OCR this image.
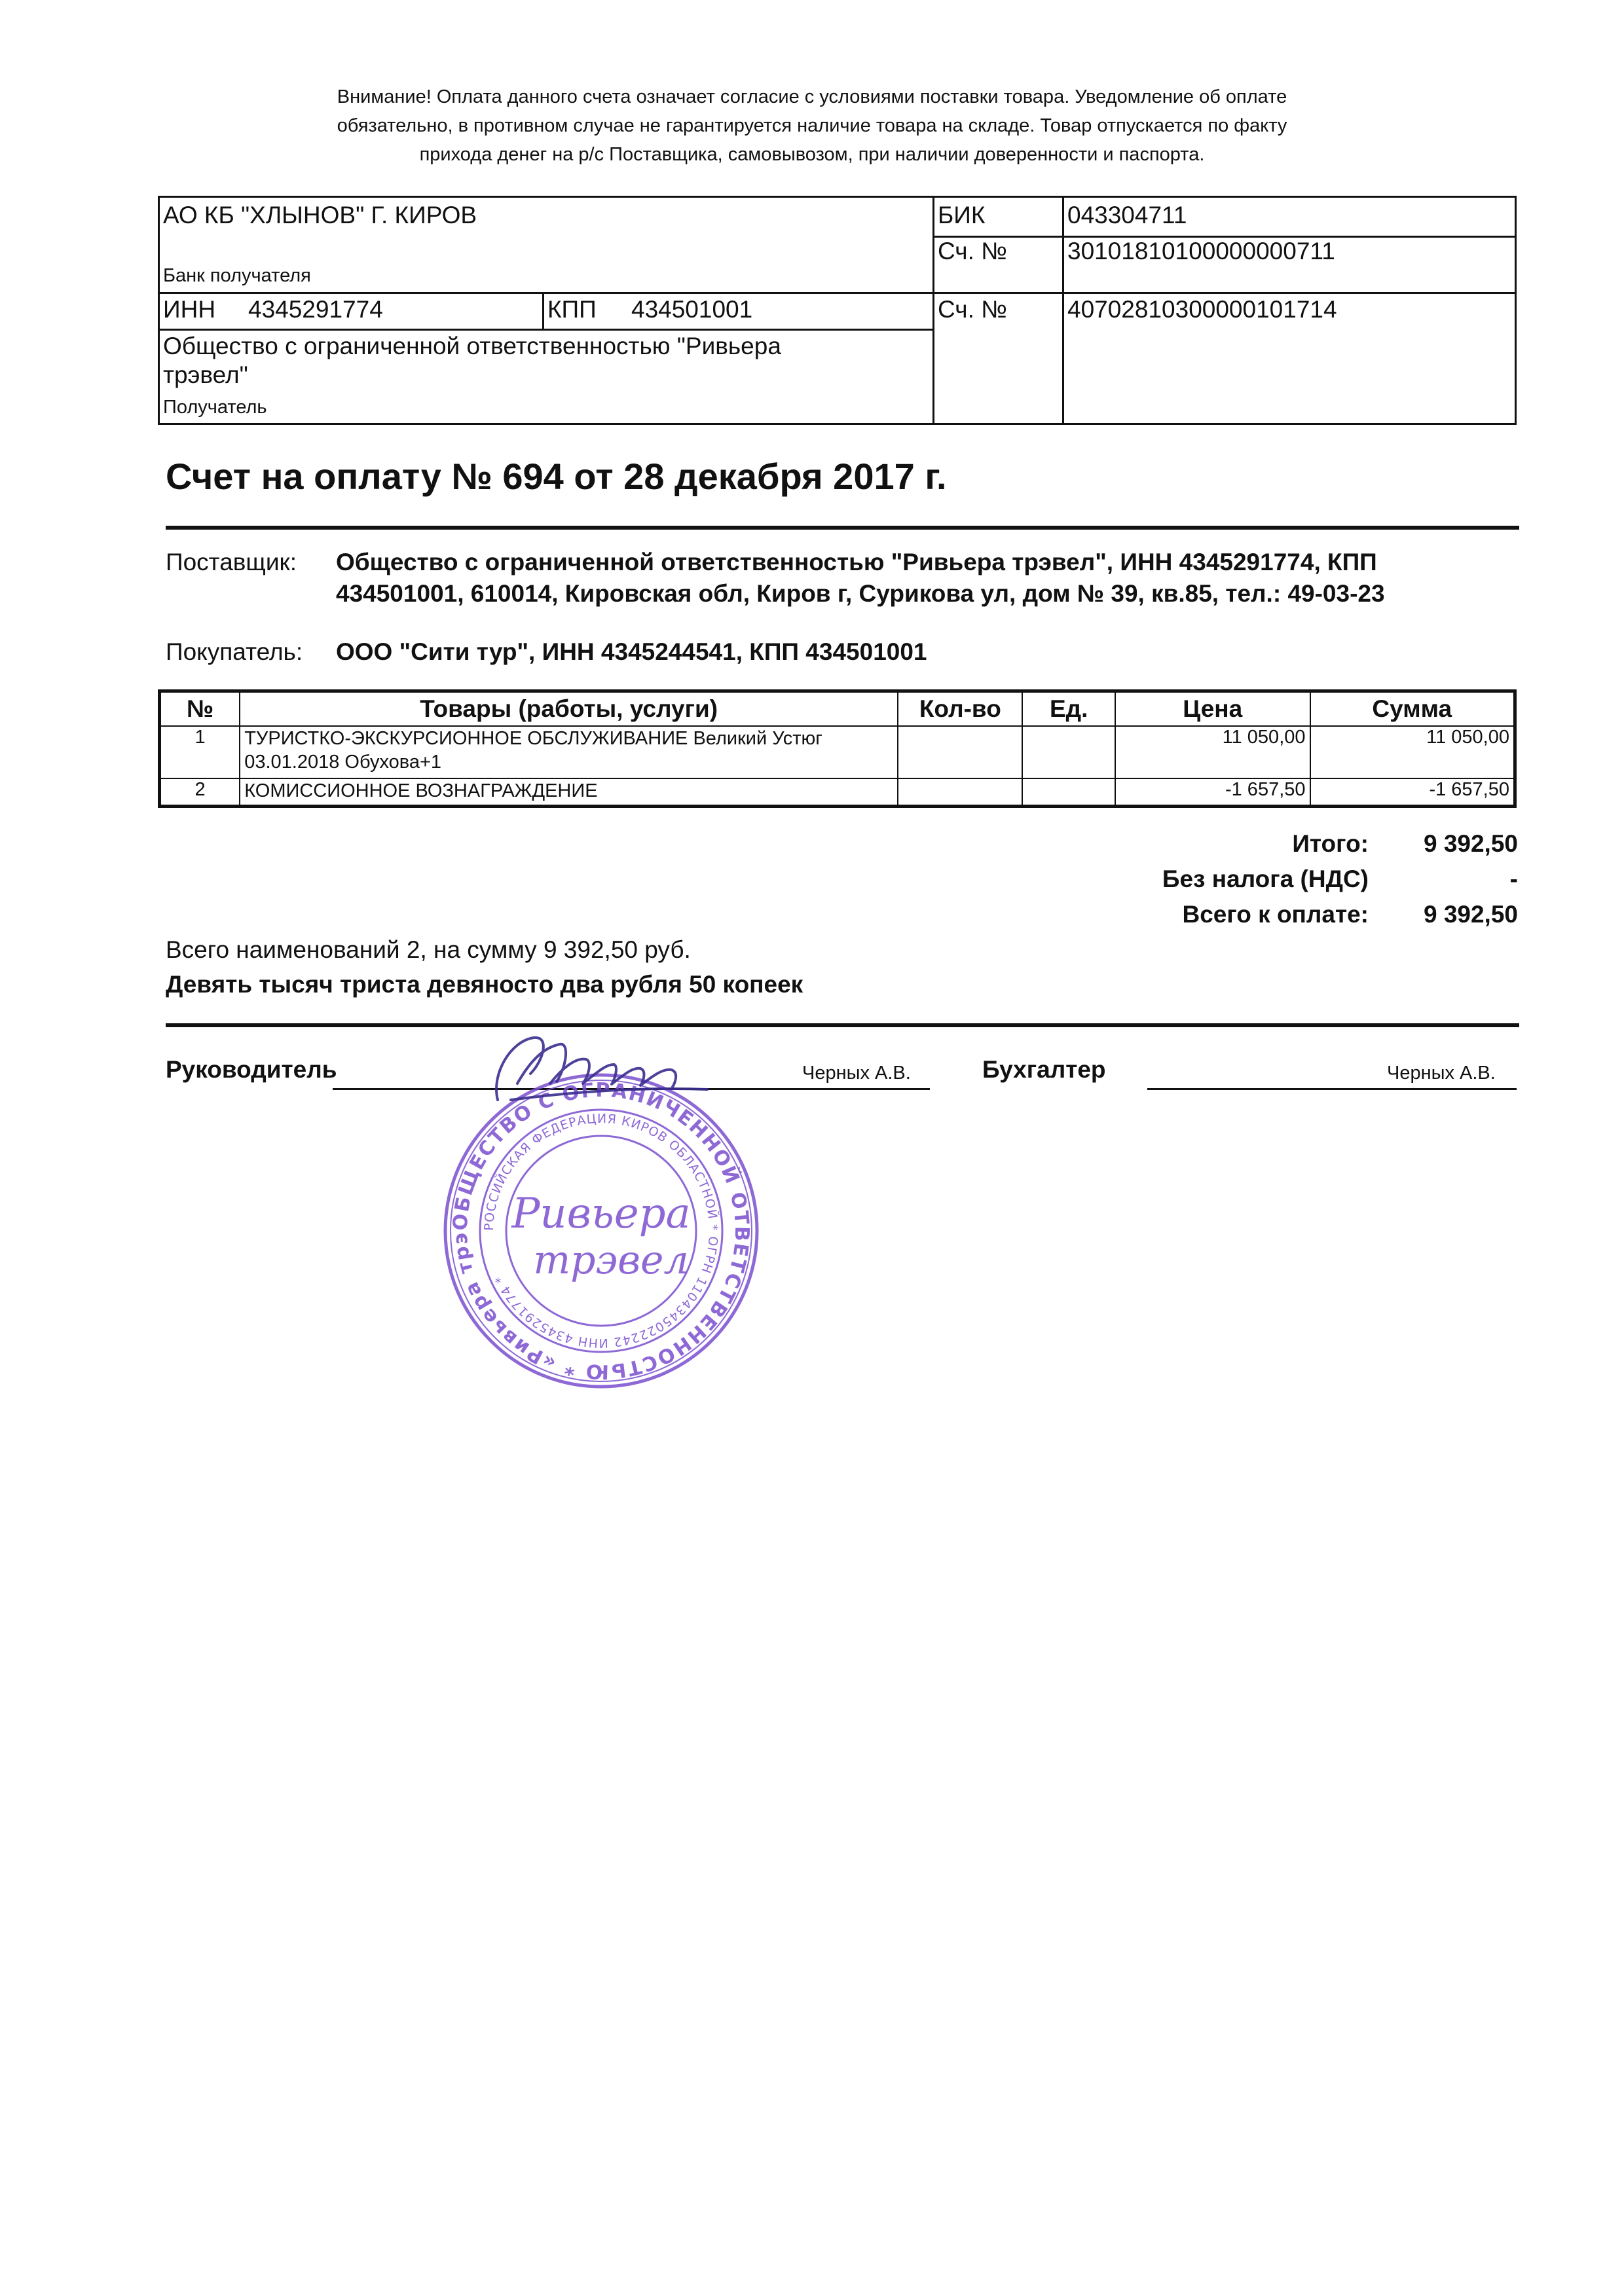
Внимание! Оплата данного счета означает согласие с условиями поставки товара. Уведомление об оплате
обязательно, в противном случае не гарантируется наличие товара на складе. Товар отпускается по факту
прихода денег на р/с Поставщика, самовывозом, при наличии доверенности и паспорта.
АО КБ "ХЛЫНОВ" Г. КИРОВ
Банк получателя
БИК	043304711
Сч. № 30101810100000000711
ИНН 4345291774	КПП 434501001	Сч. № 40702810300000101714
Общество с ограниченной ответственностью "Ривьера
трэвел"
Получатель
Счет на оплату № 694 от 28 декабря 2017 г.
Поставщик: Общество с ограниченной ответственностью "Ривьера трэвел", ИНН 4345291774, КПП
434501001, 610014, Кировская обл, Киров г, Сурикова ул, дом № 39, кв.85, тел.: 49-03-23
Покупатель: ООО "Сити тур", ИНН 4345244541, КПП 434501001
№	Товары (работы, услуги)	Кол-во	Ед.	Цена	Сумма
1	ТУРИСТКО-ЭКСКУРСИОННОЕ ОБСЛУЖИВАНИЕ Великий Устюг
03.01.2018 Обухова+1			11 050,00	11 050,00
2	КОМИССИОННОЕ ВОЗНАГРАЖДЕНИЕ			-1 657,50	-1 657,50
Итого:	9 392,50
Без налога (НДС)	-
Всего к оплате:	9 392,50
Всего наименований 2, на сумму 9 392,50 руб.
Девять тысяч триста девяносто два рубля 50 копеек
Руководитель	Черных А.В.	Бухгалтер	Черных А.В.
ОБЩЕСТВО С ОГРАНИЧЕННОЙ ОТВЕТСТВЕННОСТЬЮ * «Ривьера трэ
РОССИЙСКАЯ ФЕДЕРАЦИЯ КИРОВ ОБЛАСТНОЙ * ОГРН 1104345022242 ИНН 4345291774 *
Ривьера
трэвел
